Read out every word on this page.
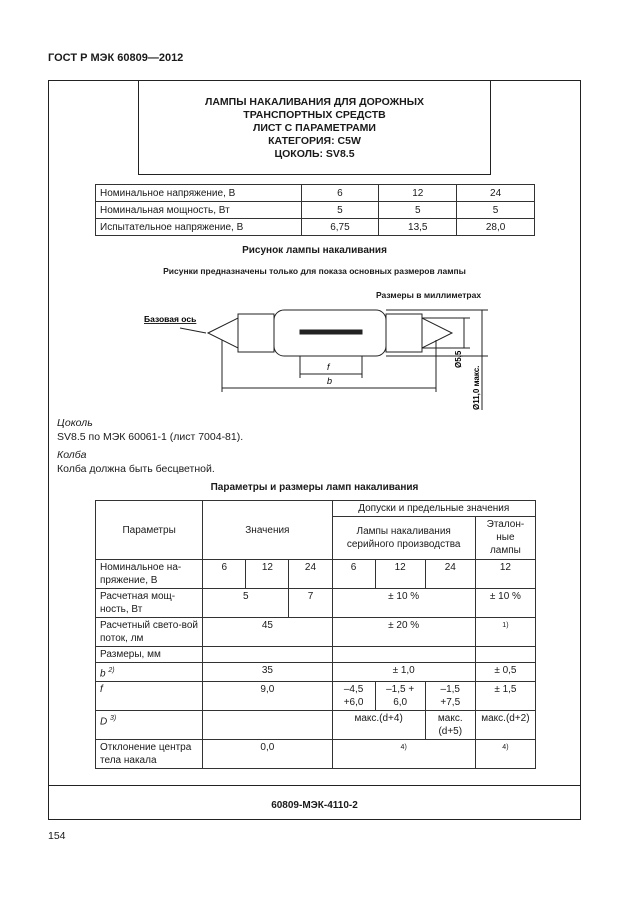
ГОСТ Р МЭК 60809—2012
ЛАМПЫ НАКАЛИВАНИЯ ДЛЯ ДОРОЖНЫХ
ТРАНСПОРТНЫХ СРЕДСТВ
ЛИСТ С ПАРАМЕТРАМИ
КАТЕГОРИЯ: C5W
ЦОКОЛЬ: SV8.5
Номинальное напряжение, В	6	12	24
Номинальная мощность, Вт	5	5	5
Испытательное напряжение, В	6,75	13,5	28,0
Рисунок лампы накаливания
Рисунки предназначены только для показа основных размеров лампы
Размеры в миллиметрах
Базовая ось
f
b
Ø5,5
Ø11,0 макс.
Цоколь
SV8.5 по МЭК 60061-1 (лист 7004-81).
Колба
Колба должна быть бесцветной.
Параметры и размеры ламп накаливания
Параметры	Значения			Допуски и предельные значения			
				Лампы накаливания серийного производства			Эталон-ные лампы
Номинальное на-пряжение, В	6	12	24	6	12	24	12
Расчетная мощ-ность, Вт	5		7	± 10 %			± 10 %
Расчетный свето-вой поток, лм	45			± 20 %			1)
Размеры, мм							
b $^{2)}$	35			± 1,0			± 0,5
f	9,0			–4,5 +6,0	–1,5 + 6,0	–1,5 +7,5	± 1,5
D $^{3)}$				макс.(d+4)		макс.(d+5)	макс.(d+2)
Отклонение центра тела накала	0,0			4)			4)
60809-МЭК-4110-2
154
